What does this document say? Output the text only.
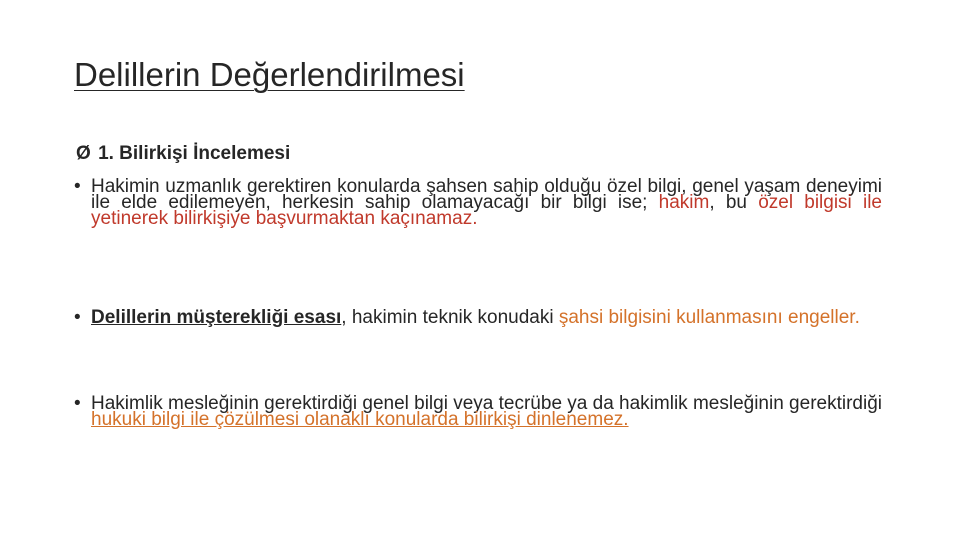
Delillerin Değerlendirilmesi
Ø 1. Bilirkişi İncelemesi
• Hakimin uzmanlık gerektiren konularda şahsen sahip olduğu özel bilgi, genel yaşam deneyimi ile elde edilemeyen, herkesin sahip olamayacağı bir bilgi ise; hakim, bu özel bilgisi ile yetinerek bilirkişiye başvurmaktan kaçınamaz.
• Delillerin müşterekliği esası, hakimin teknik konudaki şahsi bilgisini kullanmasını engeller.
• Hakimlik mesleğinin gerektirdiği genel bilgi veya tecrübe ya da hakimlik mesleğinin gerektirdiği hukuki bilgi ile çözülmesi olanaklı konularda bilirkişi dinlenemez.
